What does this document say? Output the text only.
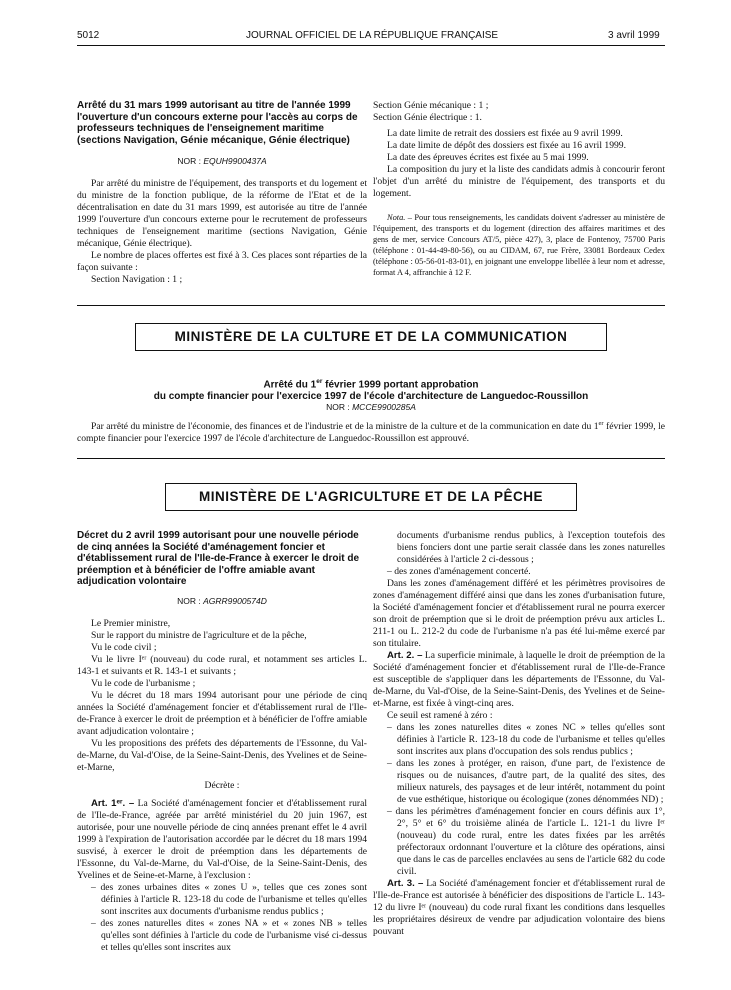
5012	JOURNAL OFFICIEL DE LA RÉPUBLIQUE FRANÇAISE	3 avril 1999
Arrêté du 31 mars 1999 autorisant au titre de l'année 1999 l'ouverture d'un concours externe pour l'accès au corps de professeurs techniques de l'enseignement maritime (sections Navigation, Génie mécanique, Génie électrique)
NOR : EQUH9900437A

Par arrêté du ministre de l'équipement, des transports et du logement et du ministre de la fonction publique, de la réforme de l'Etat et de la décentralisation en date du 31 mars 1999, est autorisée au titre de l'année 1999 l'ouverture d'un concours externe pour le recrutement de professeurs techniques de l'enseignement maritime (sections Navigation, Génie mécanique, Génie électrique).

Le nombre de places offertes est fixé à 3. Ces places sont réparties de la façon suivante :

Section Navigation : 1 ;

Section Génie mécanique : 1 ;

Section Génie électrique : 1.

La date limite de retrait des dossiers est fixée au 9 avril 1999.

La date limite de dépôt des dossiers est fixée au 16 avril 1999.

La date des épreuves écrites est fixée au 5 mai 1999.

La composition du jury et la liste des candidats admis à concourir feront l'objet d'un arrêté du ministre de l'équipement, des transports et du logement.

Nota. – Pour tous renseignements, les candidats doivent s'adresser au ministère de l'équipement, des transports et du logement (direction des affaires maritimes et des gens de mer, service Concours AT/5, pièce 427), 3, place de Fontenoy, 75700 Paris (téléphone : 01-44-49-80-56), ou au CIDAM, 67, rue Frère, 33081 Bordeaux Cedex (téléphone : 05-56-01-83-01), en joignant une enveloppe libellée à leur nom et adresse, format A 4, affranchie à 12 F.

MINISTÈRE DE LA CULTURE ET DE LA COMMUNICATION
Arrêté du 1er février 1999 portant approbation
du compte financier pour l'exercice 1997 de l'école d'architecture de Languedoc-Roussillon
NOR : MCCE9900285A

Par arrêté du ministre de l'économie, des finances et de l'industrie et de la ministre de la culture et de la communication en date du 1er février 1999, le compte financier pour l'exercice 1997 de l'école d'architecture de Languedoc-Roussillon est approuvé.

MINISTÈRE DE L'AGRICULTURE ET DE LA PÊCHE
Décret du 2 avril 1999 autorisant pour une nouvelle période de cinq années la Société d'aménagement foncier et d'établissement rural de l'Ile-de-France à exercer le droit de préemption et à bénéficier de l'offre amiable avant adjudication volontaire
NOR : AGRR9900574D

Le Premier ministre,

Sur le rapport du ministre de l'agriculture et de la pêche,

Vu le code civil ;

Vu le livre Iᵉʳ (nouveau) du code rural, et notamment ses articles L. 143-1 et suivants et R. 143-1 et suivants ;

Vu le code de l'urbanisme ;

Vu le décret du 18 mars 1994 autorisant pour une période de cinq années la Société d'aménagement foncier et d'établissement rural de l'Ile-de-France à exercer le droit de préemption et à bénéficier de l'offre amiable avant adjudication volontaire ;

Vu les propositions des préfets des départements de l'Essonne, du Val-de-Marne, du Val-d'Oise, de la Seine-Saint-Denis, des Yvelines et de Seine-et-Marne,

Décrète :

Art. 1ᵉʳ. – La Société d'aménagement foncier et d'établissement rural de l'Ile-de-France, agréée par arrêté ministériel du 20 juin 1967, est autorisée, pour une nouvelle période de cinq années prenant effet le 4 avril 1999 à l'expiration de l'autorisation accordée par le décret du 18 mars 1994 susvisé, à exercer le droit de préemption dans les départements de l'Essonne, du Val-de-Marne, du Val-d'Oise, de la Seine-Saint-Denis, des Yvelines et de Seine-et-Marne, à l'exclusion :

– des zones urbaines dites « zones U », telles que ces zones sont définies à l'article R. 123-18 du code de l'urbanisme et telles qu'elles sont inscrites aux documents d'urbanisme rendus publics ;

– des zones naturelles dites « zones NA » et « zones NB » telles qu'elles sont définies à l'article du code de l'urbanisme visé ci-dessus et telles qu'elles sont inscrites aux

documents d'urbanisme rendus publics, à l'exception toutefois des biens fonciers dont une partie serait classée dans les zones naturelles considérées à l'article 2 ci-dessous ;

– des zones d'aménagement concerté.

Dans les zones d'aménagement différé et les périmètres provisoires de zones d'aménagement différé ainsi que dans les zones d'urbanisation future, la Société d'aménagement foncier et d'établissement rural ne pourra exercer son droit de préemption que si le droit de préemption prévu aux articles L. 211-1 ou L. 212-2 du code de l'urbanisme n'a pas été lui-même exercé par son titulaire.

Art. 2. – La superficie minimale, à laquelle le droit de préemption de la Société d'aménagement foncier et d'établissement rural de l'Ile-de-France est susceptible de s'appliquer dans les départements de l'Essonne, du Val-de-Marne, du Val-d'Oise, de la Seine-Saint-Denis, des Yvelines et de Seine-et-Marne, est fixée à vingt-cinq ares.

Ce seuil est ramené à zéro :

– dans les zones naturelles dites « zones NC » telles qu'elles sont définies à l'article R. 123-18 du code de l'urbanisme et telles qu'elles sont inscrites aux plans d'occupation des sols rendus publics ;

– dans les zones à protéger, en raison, d'une part, de l'existence de risques ou de nuisances, d'autre part, de la qualité des sites, des milieux naturels, des paysages et de leur intérêt, notamment du point de vue esthétique, historique ou écologique (zones dénommées ND) ;

– dans les périmètres d'aménagement foncier en cours définis aux 1°, 2°, 5° et 6° du troisième alinéa de l'article L. 121-1 du livre Iᵉʳ (nouveau) du code rural, entre les dates fixées par les arrêtés préfectoraux ordonnant l'ouverture et la clôture des opérations, ainsi que dans le cas de parcelles enclavées au sens de l'article 682 du code civil.

Art. 3. – La Société d'aménagement foncier et d'établissement rural de l'Ile-de-France est autorisée à bénéficier des dispositions de l'article L. 143-12 du livre Iᵉʳ (nouveau) du code rural fixant les conditions dans lesquelles les propriétaires désireux de vendre par adjudication volontaire des biens pouvant
